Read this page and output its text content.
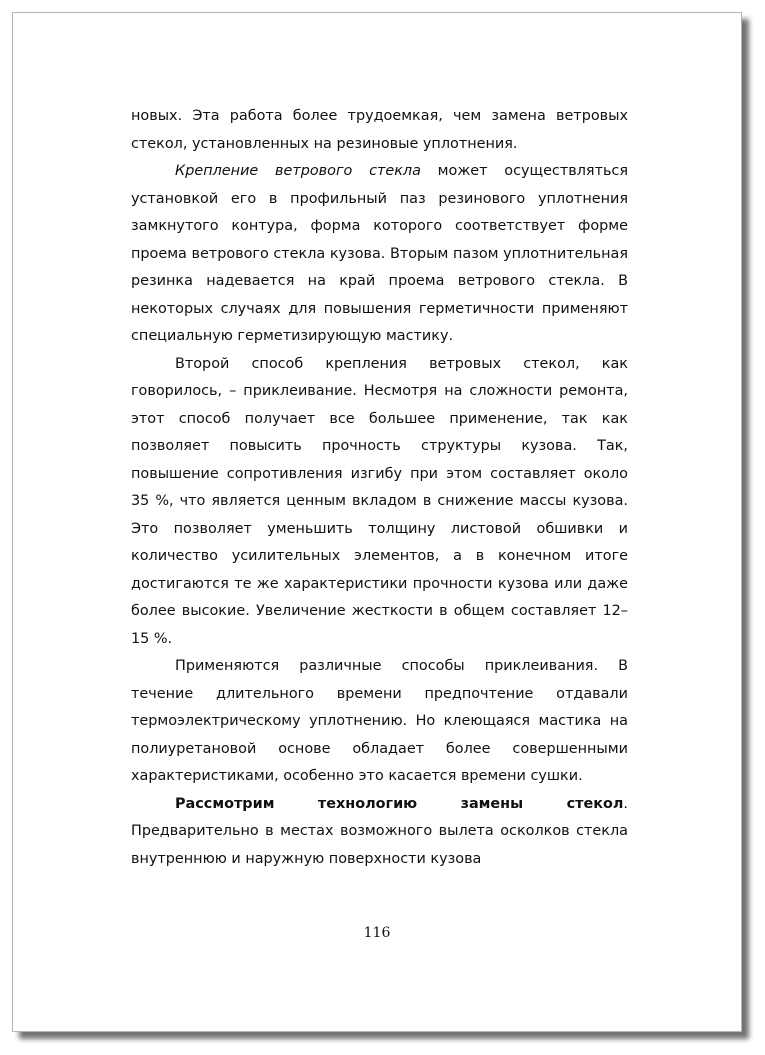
новых. Эта работа более трудоемкая, чем замена ветровых стекол, установленных на резиновые уплотнения.

Крепление ветрового стекла может осуществляться установкой его в профильный паз резинового уплотнения замкнутого контура, форма которого соответствует форме проема ветрового стекла кузова. Вторым пазом уплотнительная резинка надевается на край проема ветрового стекла. В некоторых случаях для повышения герметичности применяют специальную герметизирующую мастику.

Второй способ крепления ветровых стекол, как говорилось, – приклеивание. Несмотря на сложности ремонта, этот способ получает все большее применение, так как позволяет повысить прочность структуры кузова. Так, повышение сопротивления изгибу при этом составляет около 35 %, что является ценным вкладом в снижение массы кузова. Это позволяет уменьшить толщину листовой обшивки и количество усилительных элементов, а в конечном итоге достигаются те же характеристики прочности кузова или даже более высокие. Увеличение жесткости в общем составляет 12–15 %.

Применяются различные способы приклеивания. В течение длительного времени предпочтение отдавали термоэлектрическому уплотнению. Но клеющаяся мастика на полиуретановой основе обладает более совершенными характеристиками, особенно это касается времени сушки.

Рассмотрим технологию замены стекол. Предварительно в местах возможного вылета осколков стекла внутреннюю и наружную поверхности кузова

116
